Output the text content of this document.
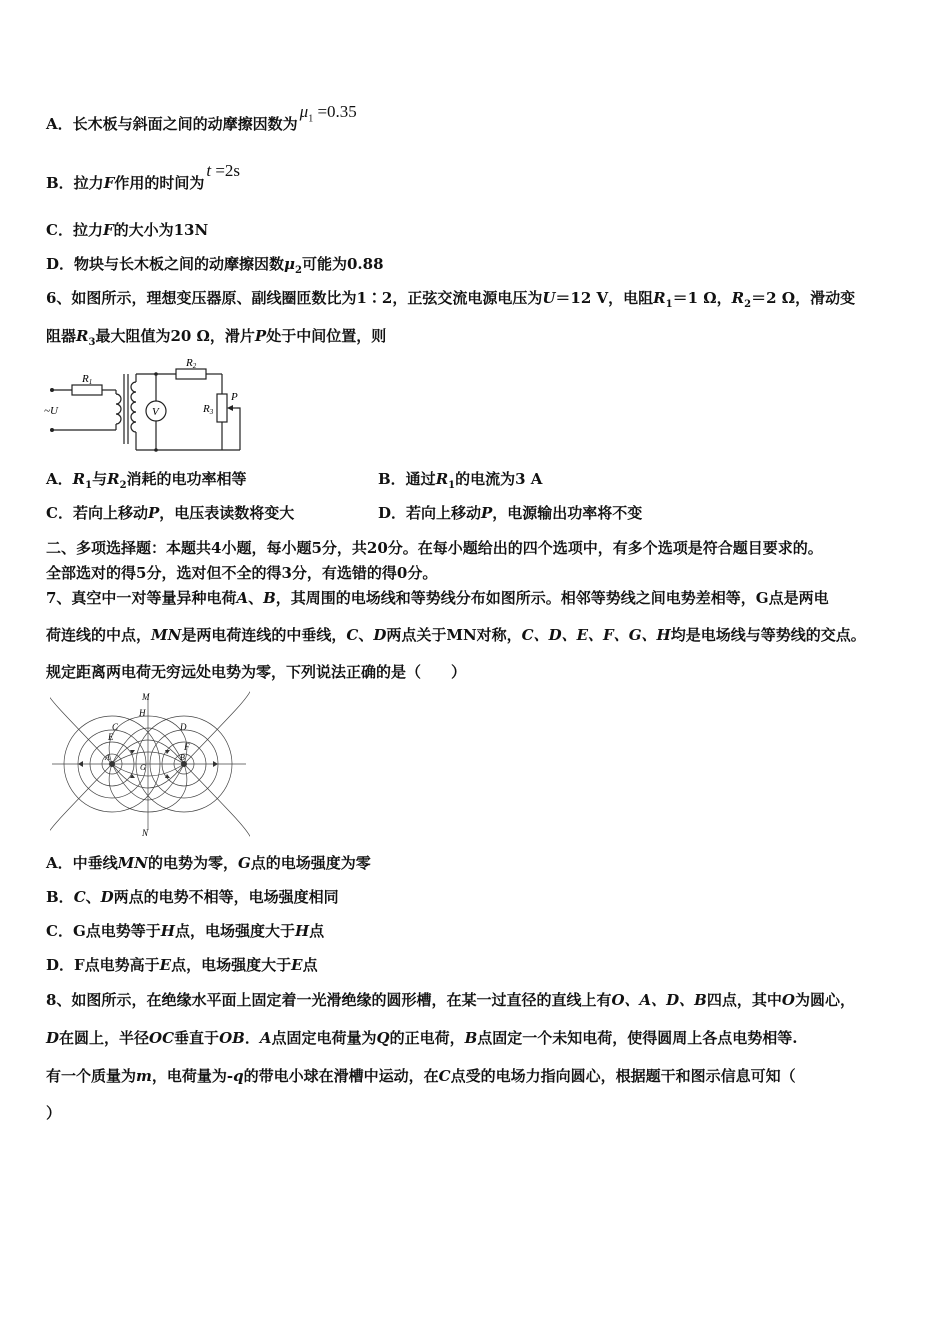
A．长木板与斜面之间的动摩擦因数为$\mu_1 =0.35$
B．拉力F作用的时间为t =2s
C．拉力F的大小为13N
D．物块与长木板之间的动摩擦因数$\mu_2$可能为0.88
6、如图所示，理想变压器原、副线圈匝数比为1∶2，正弦交流电源电压为U＝12 V，电阻$R_1=1$ Ω，$R_2=2$ Ω，滑动变
阻器$R_3$最大阻值为20 Ω，滑片P处于中间位置，则
R1
R2
R3
P
V
~U
A．$R_1$与$R_2$消耗的电功率相等	B．通过$R_1$的电流为3 A
C．若向上移动P，电压表读数将变大	D．若向上移动P，电源输出功率将不变
二、多项选择题：本题共4小题，每小题5分，共20分。在每小题给出的四个选项中，有多个选项是符合题目要求的。
全部选对的得5分，选对但不全的得3分，有选错的得0分。
7、真空中一对等量异种电荷A、B，其周围的电场线和等势线分布如图所示。相邻等势线之间电势差相等，G点是两电
荷连线的中点，MN是两电荷连线的中垂线，C、D两点关于MN对称，C、D、E、F、G、H均是电场线与等势线的交点。
规定距离两电荷无穷远处电势为零，下列说法正确的是（　　）
M
N
H
C	D
E
F
A	B
G
A．中垂线MN的电势为零，G点的电场强度为零
B．C、D两点的电势不相等，电场强度相同
C．G点电势等于H点，电场强度大于H点
D．F点电势高于E点，电场强度大于E点
8、如图所示，在绝缘水平面上固定着一光滑绝缘的圆形槽，在某一过直径的直线上有O、A、D、B四点，其中O为圆心，
D在圆上，半径OC垂直于OB．A点固定电荷量为Q的正电荷，B点固定一个未知电荷，使得圆周上各点电势相等.
有一个质量为m，电荷量为-q的带电小球在滑槽中运动，在C点受的电场力指向圆心，根据题干和图示信息可知（
）
